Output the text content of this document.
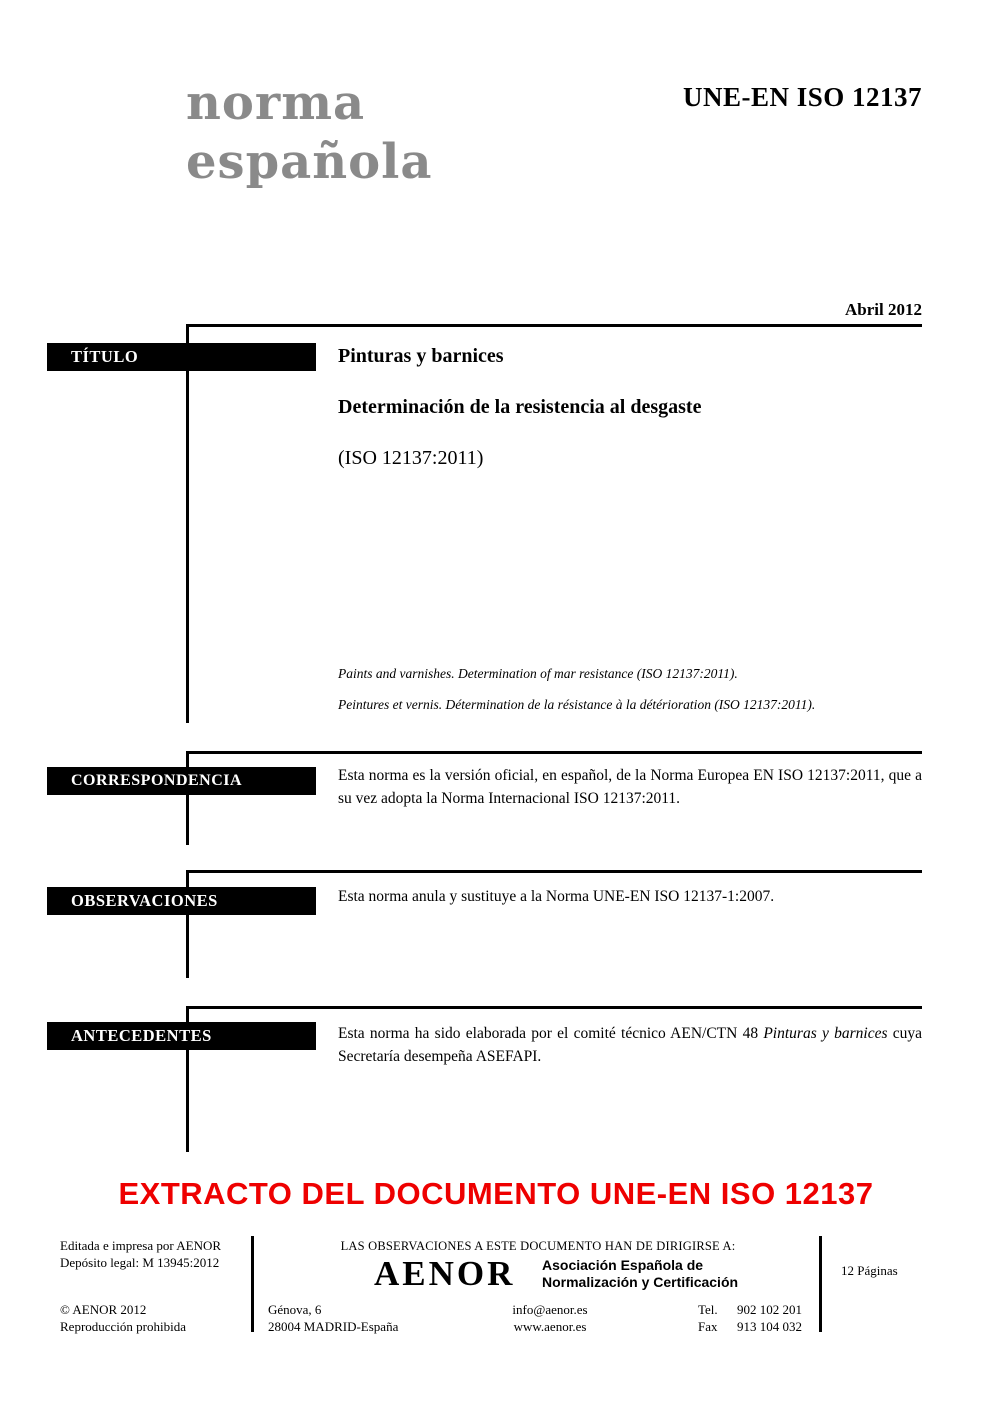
norma
española
UNE-EN ISO 12137
Abril 2012
TÍTULO	Pinturas y barnices
Determinación de la resistencia al desgaste
(ISO 12137:2011)
Paints and varnishes. Determination of mar resistance (ISO 12137:2011).
Peintures et vernis. Détermination de la résistance à la détérioration (ISO 12137:2011).
CORRESPONDENCIA	Esta norma es la versión oficial, en español, de la Norma Europea EN ISO 12137:2011, que a su vez adopta la Norma Internacional ISO 12137:2011.
OBSERVACIONES	Esta norma anula y sustituye a la Norma UNE-EN ISO 12137-1:2007.
ANTECEDENTES	Esta norma ha sido elaborada por el comité técnico AEN/CTN 48 Pinturas y barnices cuya Secretaría desempeña ASEFAPI.
EXTRACTO DEL DOCUMENTO UNE-EN ISO 12137
Editada e impresa por AENOR
Depósito legal: M 13945:2012
© AENOR 2012
Reproducción prohibida
LAS OBSERVACIONES A ESTE DOCUMENTO HAN DE DIRIGIRSE A:
AENOR Asociación Española de
Normalización y Certificación
Génova, 6
28004 MADRID-España
info@aenor.es
www.aenor.es
Tel.	902 102 201
Fax	913 104 032
12 Páginas
